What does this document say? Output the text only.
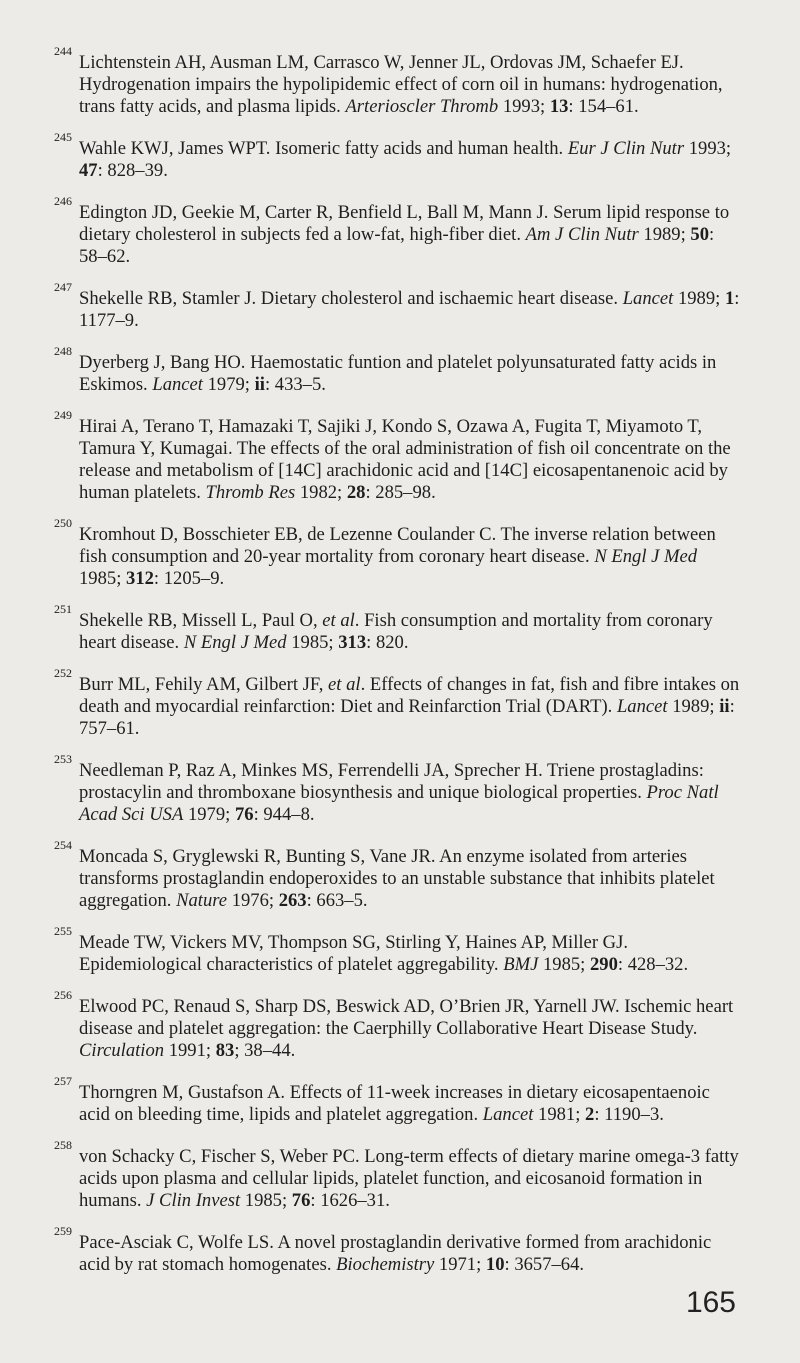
244
Lichtenstein AH, Ausman LM, Carrasco W, Jenner JL, Ordovas JM, Schaefer EJ. Hydrogenation impairs the hypolipidemic effect of corn oil in humans: hydrogenation, trans fatty acids, and plasma lipids. Arterioscler Thromb 1993; 13: 154–61.
245
Wahle KWJ, James WPT. Isomeric fatty acids and human health. Eur J Clin Nutr 1993; 47: 828–39.
246
Edington JD, Geekie M, Carter R, Benfield L, Ball M, Mann J. Serum lipid response to dietary cholesterol in subjects fed a low-fat, high-fiber diet. Am J Clin Nutr 1989; 50: 58–62.
247
Shekelle RB, Stamler J. Dietary cholesterol and ischaemic heart disease. Lancet 1989; 1: 1177–9.
248
Dyerberg J, Bang HO. Haemostatic funtion and platelet polyunsaturated fatty acids in Eskimos. Lancet 1979; ii: 433–5.
249
Hirai A, Terano T, Hamazaki T, Sajiki J, Kondo S, Ozawa A, Fugita T, Miyamoto T, Tamura Y, Kumagai. The effects of the oral administration of fish oil concentrate on the release and metabolism of [14C] arachidonic acid and [14C] eicosapentanenoic acid by human platelets. Thromb Res 1982; 28: 285–98.
250
Kromhout D, Bosschieter EB, de Lezenne Coulander C. The inverse relation between fish consumption and 20-year mortality from coronary heart disease. N Engl J Med 1985; 312: 1205–9.
251
Shekelle RB, Missell L, Paul O, et al. Fish consumption and mortality from coronary heart disease. N Engl J Med 1985; 313: 820.
252
Burr ML, Fehily AM, Gilbert JF, et al. Effects of changes in fat, fish and fibre intakes on death and myocardial reinfarction: Diet and Reinfarction Trial (DART). Lancet 1989; ii: 757–61.
253
Needleman P, Raz A, Minkes MS, Ferrendelli JA, Sprecher H. Triene prostagladins: prostacylin and thromboxane biosynthesis and unique biological properties. Proc Natl Acad Sci USA 1979; 76: 944–8.
254
Moncada S, Gryglewski R, Bunting S, Vane JR. An enzyme isolated from arteries transforms prostaglandin endoperoxides to an unstable substance that inhibits platelet aggregation. Nature 1976; 263: 663–5.
255
Meade TW, Vickers MV, Thompson SG, Stirling Y, Haines AP, Miller GJ. Epidemiological characteristics of platelet aggregability. BMJ 1985; 290: 428–32.
256
Elwood PC, Renaud S, Sharp DS, Beswick AD, O’Brien JR, Yarnell JW. Ischemic heart disease and platelet aggregation: the Caerphilly Collaborative Heart Disease Study. Circulation 1991; 83; 38–44.
257
Thorngren M, Gustafson A. Effects of 11-week increases in dietary eicosapentaenoic acid on bleeding time, lipids and platelet aggregation. Lancet 1981; 2: 1190–3.
258
von Schacky C, Fischer S, Weber PC. Long-term effects of dietary marine omega-3 fatty acids upon plasma and cellular lipids, platelet function, and eicosanoid formation in humans. J Clin Invest 1985; 76: 1626–31.
259
Pace-Asciak C, Wolfe LS. A novel prostaglandin derivative formed from arachidonic acid by rat stomach homogenates. Biochemistry 1971; 10: 3657–64.
165
